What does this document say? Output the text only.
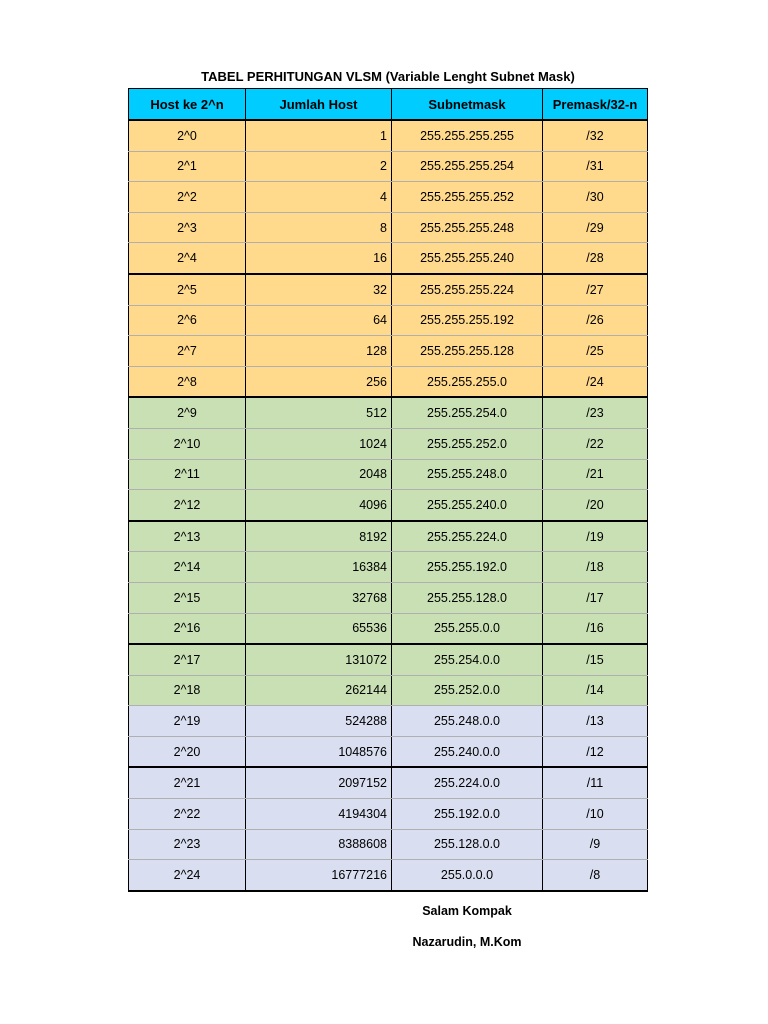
TABEL PERHITUNGAN VLSM (Variable Lenght Subnet Mask)
Host ke 2^n	Jumlah Host	Subnetmask	Premask/32-n
2^0	1	255.255.255.255	/32
2^1	2	255.255.255.254	/31
2^2	4	255.255.255.252	/30
2^3	8	255.255.255.248	/29
2^4	16	255.255.255.240	/28
2^5	32	255.255.255.224	/27
2^6	64	255.255.255.192	/26
2^7	128	255.255.255.128	/25
2^8	256	255.255.255.0	/24
2^9	512	255.255.254.0	/23
2^10	1024	255.255.252.0	/22
2^11	2048	255.255.248.0	/21
2^12	4096	255.255.240.0	/20
2^13	8192	255.255.224.0	/19
2^14	16384	255.255.192.0	/18
2^15	32768	255.255.128.0	/17
2^16	65536	255.255.0.0	/16
2^17	131072	255.254.0.0	/15
2^18	262144	255.252.0.0	/14
2^19	524288	255.248.0.0	/13
2^20	1048576	255.240.0.0	/12
2^21	2097152	255.224.0.0	/11
2^22	4194304	255.192.0.0	/10
2^23	8388608	255.128.0.0	/9
2^24	16777216	255.0.0.0	/8
Salam Kompak
Nazarudin, M.Kom
